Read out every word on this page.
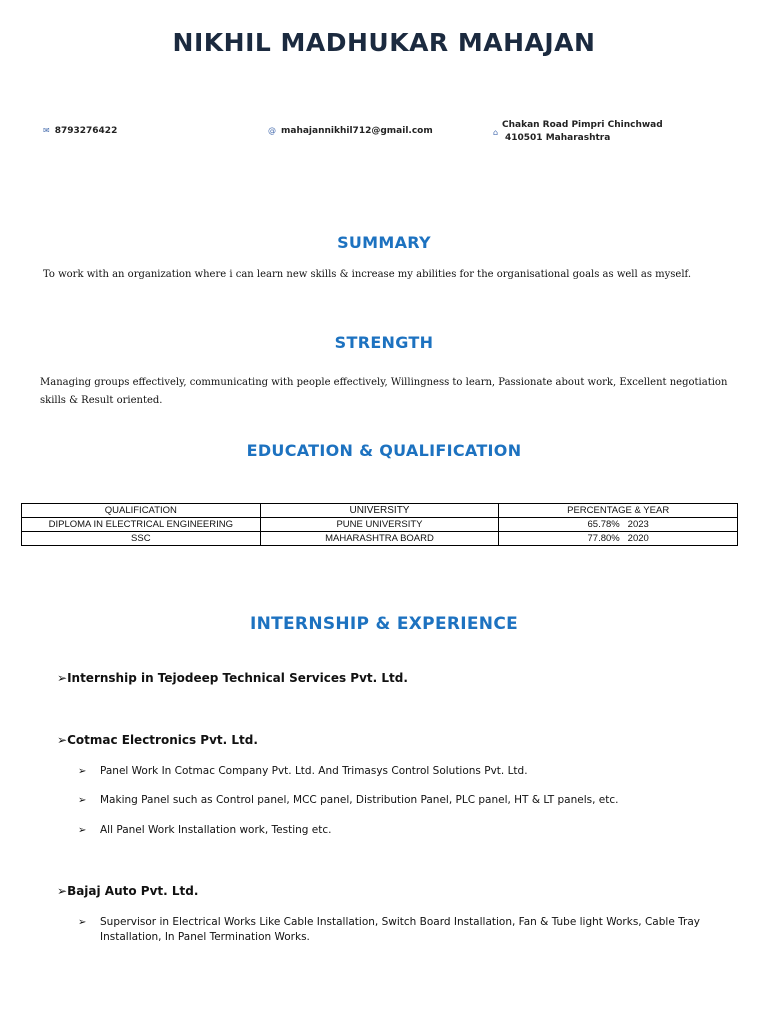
NIKHIL MADHUKAR MAHAJAN
✉ 8793276422	@ mahajannikhil712@gmail.com	⌂
Chakan Road Pimpri Chinchwad
410501 Maharashtra
SUMMARY
To work with an organization where i can learn new skills & increase my abilities for the organisational goals as well as myself.
STRENGTH
Managing groups effectively, communicating with people effectively, Willingness to learn, Passionate about work, Excellent negotiation
skills & Result oriented.
EDUCATION & QUALIFICATION
QUALIFICATION	UNIVERSITY	PERCENTAGE & YEAR
DIPLOMA IN ELECTRICAL ENGINEERING	PUNE UNIVERSITY	65.78%   2023
SSC	MAHARASHTRA BOARD	77.80%   2020
INTERNSHIP & EXPERIENCE
➢Internship in Tejodeep Technical Services Pvt. Ltd.
➢Cotmac Electronics Pvt. Ltd.
➢ Panel Work In Cotmac Company Pvt. Ltd. And Trimasys Control Solutions Pvt. Ltd.
➢ Making Panel such as Control panel, MCC panel, Distribution Panel, PLC panel, HT & LT panels, etc.
➢ All Panel Work Installation work, Testing etc.
➢Bajaj Auto Pvt. Ltd.
➢ Supervisor in Electrical Works Like Cable Installation, Switch Board Installation, Fan & Tube light Works, Cable Tray Installation, In Panel Termination Works.
